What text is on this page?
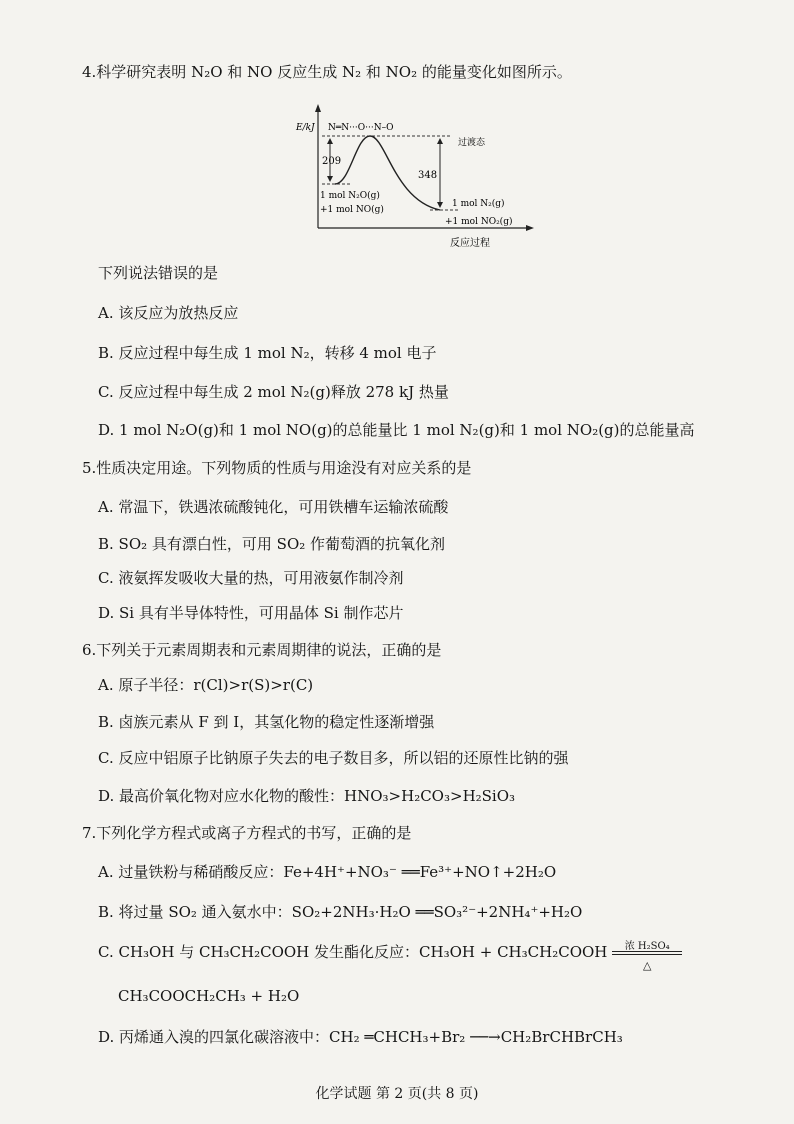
4.科学研究表明 N₂O 和 NO 反应生成 N₂ 和 NO₂ 的能量变化如图所示。
E/kJ
反应过程
N═N···O···N–O
过渡态
209
348
1 mol N₂O(g)
+1 mol NO(g)
1 mol N₂(g)
+1 mol NO₂(g)
下列说法错误的是
A. 该反应为放热反应
B. 反应过程中每生成 1 mol N₂，转移 4 mol 电子
C. 反应过程中每生成 2 mol N₂(g)释放 278 kJ 热量
D. 1 mol N₂O(g)和 1 mol NO(g)的总能量比 1 mol N₂(g)和 1 mol NO₂(g)的总能量高
5.性质决定用途。下列物质的性质与用途没有对应关系的是
A. 常温下，铁遇浓硫酸钝化，可用铁槽车运输浓硫酸
B. SO₂ 具有漂白性，可用 SO₂ 作葡萄酒的抗氧化剂
C. 液氨挥发吸收大量的热，可用液氨作制冷剂
D. Si 具有半导体特性，可用晶体 Si 制作芯片
6.下列关于元素周期表和元素周期律的说法，正确的是
A. 原子半径：r(Cl)>r(S)>r(C)
B. 卤族元素从 F 到 I，其氢化物的稳定性逐渐增强
C. 反应中铝原子比钠原子失去的电子数目多，所以铝的还原性比钠的强
D. 最高价氧化物对应水化物的酸性：HNO₃>H₂CO₃>H₂SiO₃
7.下列化学方程式或离子方程式的书写，正确的是
A. 过量铁粉与稀硝酸反应：Fe+4H⁺+NO₃⁻ ══Fe³⁺+NO↑+2H₂O
B. 将过量 SO₂ 通入氨水中：SO₂+2NH₃·H₂O ══SO₃²⁻+2NH₄⁺+H₂O
C. CH₃OH 与 CH₃CH₂COOH 发生酯化反应：CH₃OH + CH₃CH₂COOH	浓 H₂SO₄
△
CH₃COOCH₂CH₃ + H₂O
D. 丙烯通入溴的四氯化碳溶液中：CH₂ ═CHCH₃+Br₂ ──→CH₂BrCHBrCH₃
化学试题 第 2 页(共 8 页)
